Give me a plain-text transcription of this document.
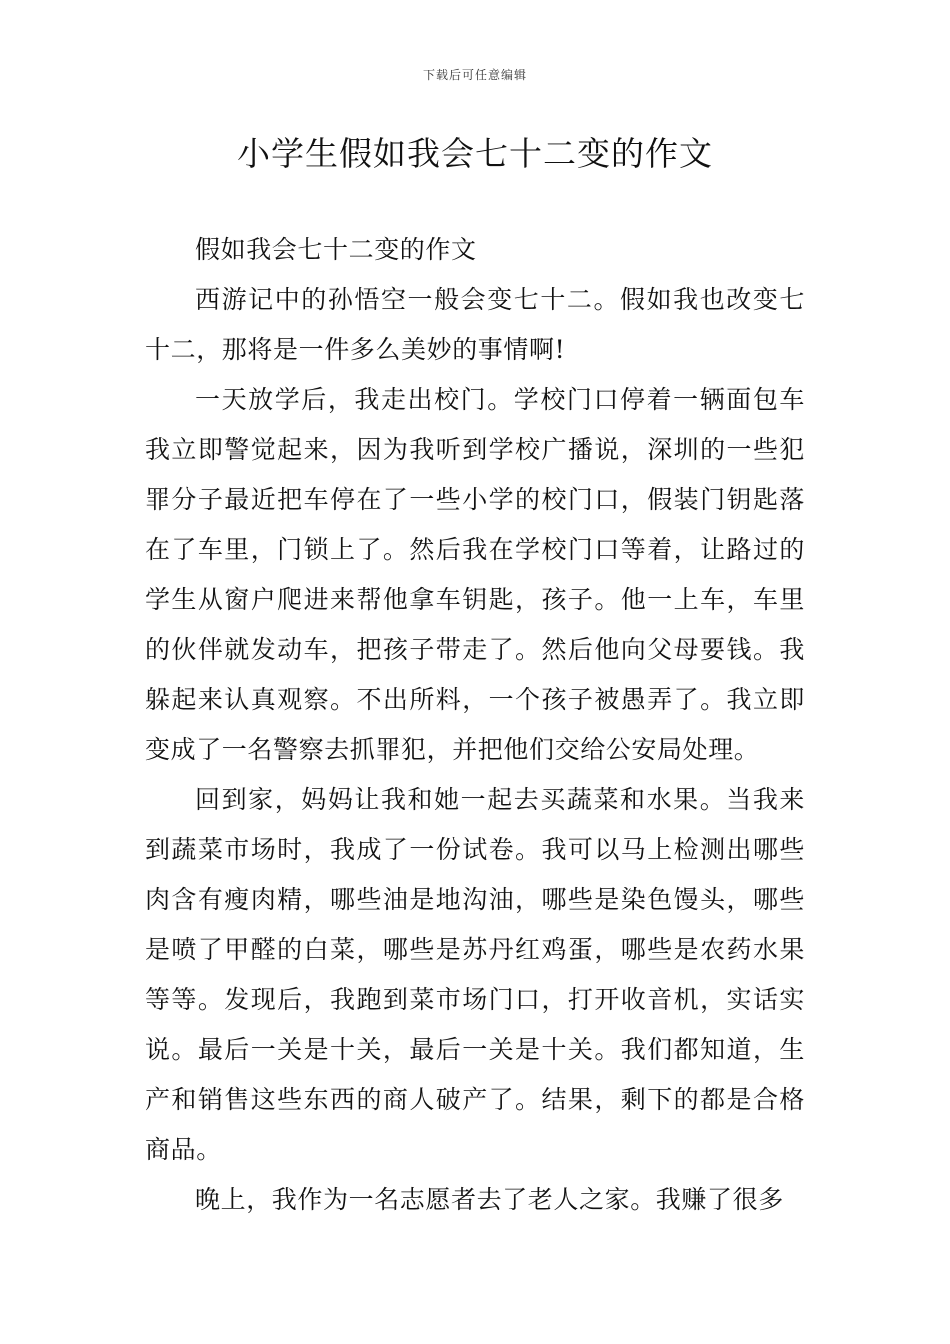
下载后可任意编辑
小学生假如我会七十二变的作文

假如我会七十二变的作文

西游记中的孙悟空一般会变七十二。假如我也改变七十二，那将是一件多么美妙的事情啊!

一天放学后，我走出校门。学校门口停着一辆面包车我立即警觉起来，因为我听到学校广播说，深圳的一些犯罪分子最近把车停在了一些小学的校门口，假装门钥匙落在了车里，门锁上了。然后我在学校门口等着，让路过的学生从窗户爬进来帮他拿车钥匙，孩子。他一上车，车里的伙伴就发动车，把孩子带走了。然后他向父母要钱。我躲起来认真观察。不出所料，一个孩子被愚弄了。我立即变成了一名警察去抓罪犯，并把他们交给公安局处理。

回到家，妈妈让我和她一起去买蔬菜和水果。当我来到蔬菜市场时，我成了一份试卷。我可以马上检测出哪些肉含有瘦肉精，哪些油是地沟油，哪些是染色馒头，哪些是喷了甲醛的白菜，哪些是苏丹红鸡蛋，哪些是农药水果等等。发现后，我跑到菜市场门口，打开收音机，实话实说。最后一关是十关，最后一关是十关。我们都知道，生产和销售这些东西的商人破产了。结果，剩下的都是合格商品。

晚上，我作为一名志愿者去了老人之家。我赚了很多
